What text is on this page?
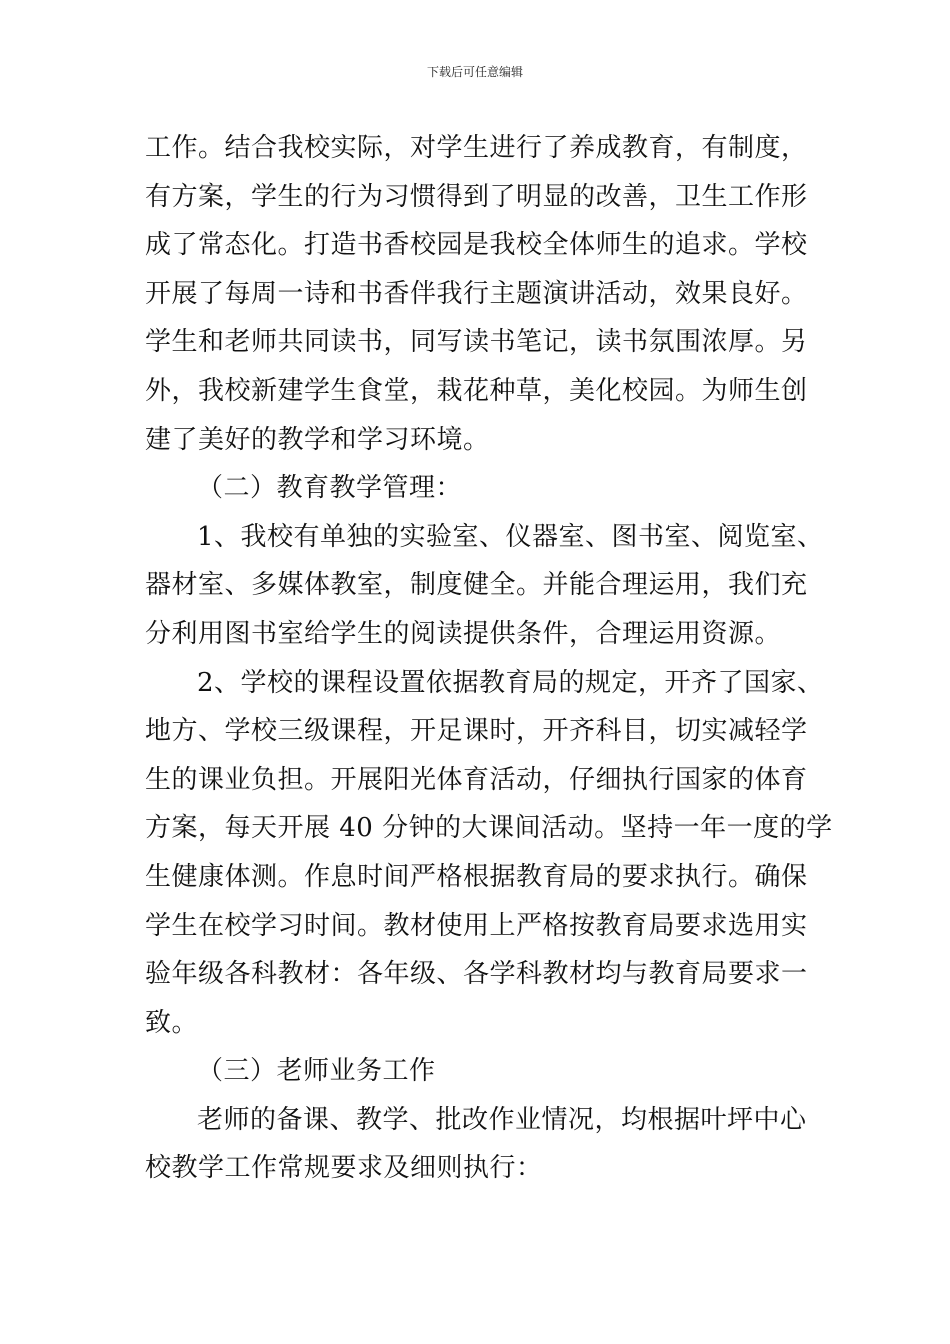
下载后可任意编辑
工作。结合我校实际，对学生进行了养成教育，有制度，
有方案，学生的行为习惯得到了明显的改善，卫生工作形
成了常态化。打造书香校园是我校全体师生的追求。学校
开展了每周一诗和书香伴我行主题演讲活动，效果良好。
学生和老师共同读书，同写读书笔记，读书氛围浓厚。另
外，我校新建学生食堂，栽花种草，美化校园。为师生创
建了美好的教学和学习环境。
（二）教育教学管理：
1、我校有单独的实验室、仪器室、图书室、阅览室、
器材室、多媒体教室，制度健全。并能合理运用，我们充
分利用图书室给学生的阅读提供条件，合理运用资源。
2、学校的课程设置依据教育局的规定，开齐了国家、
地方、学校三级课程，开足课时，开齐科目，切实减轻学
生的课业负担。开展阳光体育活动，仔细执行国家的体育
方案，每天开展 40 分钟的大课间活动。坚持一年一度的学
生健康体测。作息时间严格根据教育局的要求执行。确保
学生在校学习时间。教材使用上严格按教育局要求选用实
验年级各科教材：各年级、各学科教材均与教育局要求一
致。
（三）老师业务工作
老师的备课、教学、批改作业情况，均根据叶坪中心
校教学工作常规要求及细则执行：
